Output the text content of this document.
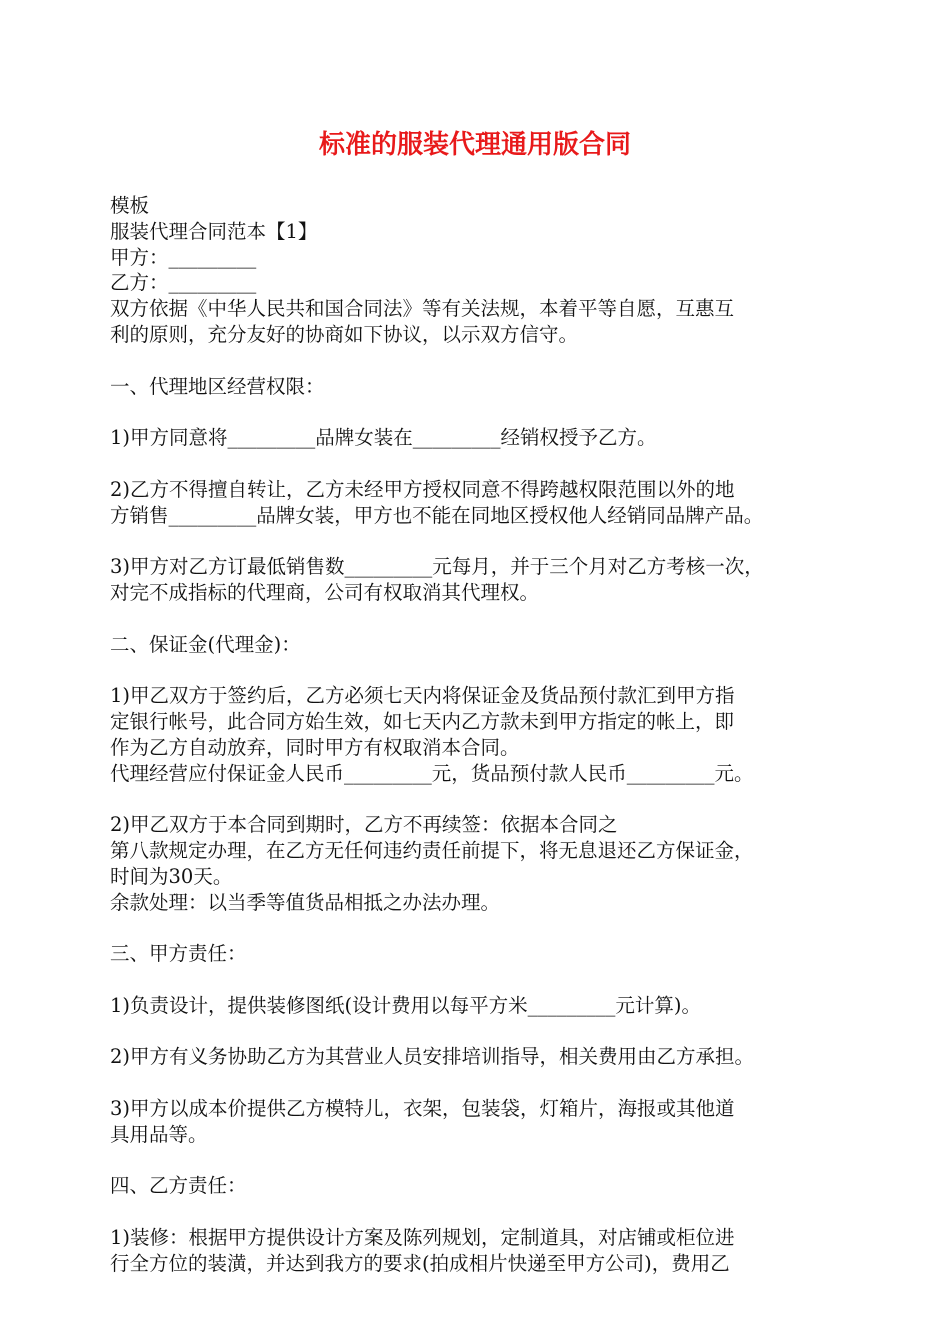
标准的服装代理通用版合同
模板
服装代理合同范本【1】
甲方：_________
乙方：_________
双方依据《中华人民共和国合同法》等有关法规，本着平等自愿，互惠互
利的原则，充分友好的协商如下协议，以示双方信守。
一、代理地区经营权限：
1)甲方同意将_________品牌女装在_________经销权授予乙方。
2)乙方不得擅自转让，乙方未经甲方授权同意不得跨越权限范围以外的地
方销售_________品牌女装，甲方也不能在同地区授权他人经销同品牌产品。
3)甲方对乙方订最低销售数_________元每月，并于三个月对乙方考核一次，
对完不成指标的代理商，公司有权取消其代理权。
二、保证金(代理金)：
1)甲乙双方于签约后，乙方必须七天内将保证金及货品预付款汇到甲方指
定银行帐号，此合同方始生效，如七天内乙方款未到甲方指定的帐上，即
作为乙方自动放弃，同时甲方有权取消本合同。
代理经营应付保证金人民币_________元，货品预付款人民币_________元。
2)甲乙双方于本合同到期时，乙方不再续签：依据本合同之
第八款规定办理，在乙方无任何违约责任前提下，将无息退还乙方保证金，
时间为30天。
余款处理：以当季等值货品相抵之办法办理。
三、甲方责任：
1)负责设计，提供装修图纸(设计费用以每平方米_________元计算)。
2)甲方有义务协助乙方为其营业人员安排培训指导，相关费用由乙方承担。
3)甲方以成本价提供乙方模特儿，衣架，包装袋，灯箱片，海报或其他道
具用品等。
四、乙方责任：
1)装修：根据甲方提供设计方案及陈列规划，定制道具，对店铺或柜位进
行全方位的装潢，并达到我方的要求(拍成相片快递至甲方公司)，费用乙
